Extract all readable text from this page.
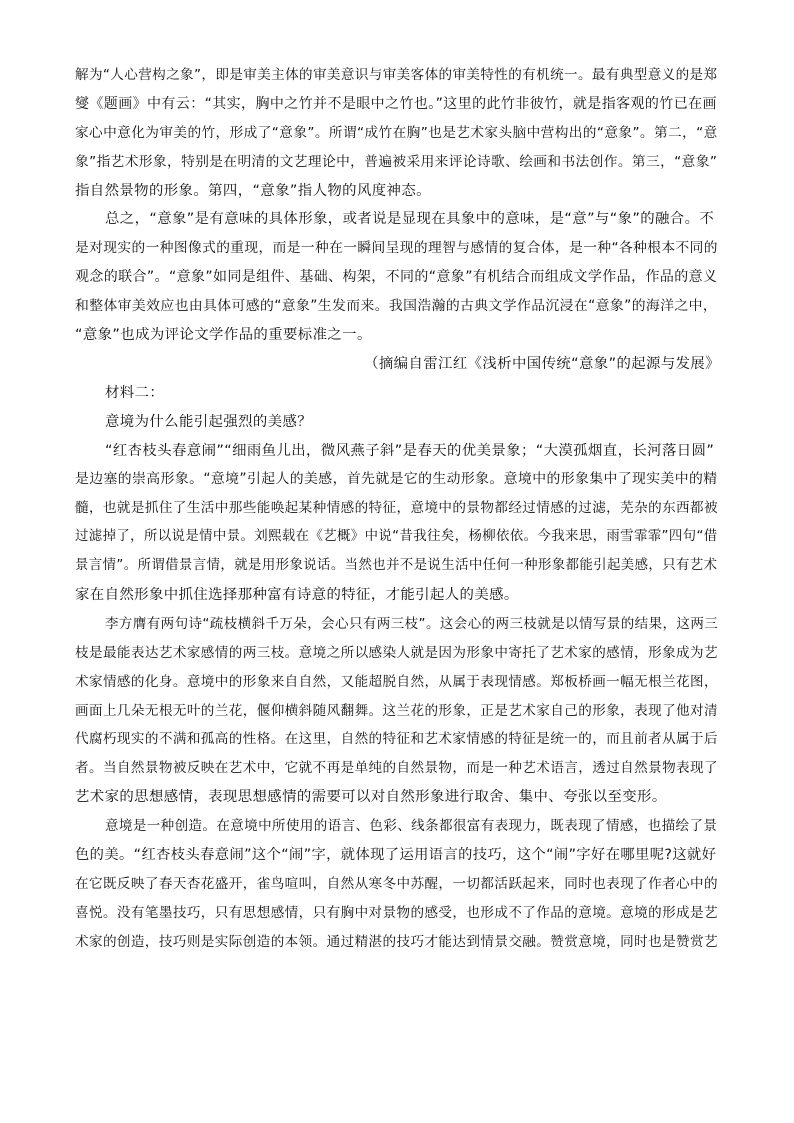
解为“人心营构之象”，即是审美主体的审美意识与审美客体的审美特性的有机统一。最有典型意义的是郑
燮《题画》中有云：“其实，胸中之竹并不是眼中之竹也。”这里的此竹非彼竹，就是指客观的竹已在画
家心中意化为审美的竹，形成了“意象”。所谓“成竹在胸”也是艺术家头脑中营构出的“意象”。第二，“意
象”指艺术形象，特别是在明清的文艺理论中，普遍被采用来评论诗歌、绘画和书法创作。第三，“意象”
指自然景物的形象。第四，“意象”指人物的风度神态。
总之，“意象”是有意味的具体形象，或者说是显现在具象中的意味，是“意”与“象”的融合。不
是对现实的一种图像式的重现，而是一种在一瞬间呈现的理智与感情的复合体，是一种“各种根本不同的
观念的联合”。“意象”如同是组件、基础、构架，不同的“意象”有机结合而组成文学作品，作品的意义
和整体审美效应也由具体可感的“意象”生发而来。我国浩瀚的古典文学作品沉浸在“意象”的海洋之中，
“意象”也成为评论文学作品的重要标准之一。
（摘编自雷江红《浅析中国传统“意象”的起源与发展》
材料二：
意境为什么能引起强烈的美感？
“红杏枝头春意闹”“细雨鱼儿出，微风燕子斜”是春天的优美景象；“大漠孤烟直，长河落日圆”
是边塞的崇高形象。“意境”引起人的美感，首先就是它的生动形象。意境中的形象集中了现实美中的精
髓，也就是抓住了生活中那些能唤起某种情感的特征，意境中的景物都经过情感的过滤，芜杂的东西都被
过滤掉了，所以说是情中景。刘熙载在《艺概》中说“昔我往矣，杨柳依依。今我来思，雨雪霏霏”四句“借
景言情”。所谓借景言情，就是用形象说话。当然也并不是说生活中任何一种形象都能引起美感，只有艺术
家在自然形象中抓住选择那种富有诗意的特征，才能引起人的美感。
李方膺有两句诗“疏枝横斜千万朵，会心只有两三枝”。这会心的两三枝就是以情写景的结果，这两三
枝是最能表达艺术家感情的两三枝。意境之所以感染人就是因为形象中寄托了艺术家的感情，形象成为艺
术家情感的化身。意境中的形象来自自然，又能超脱自然，从属于表现情感。郑板桥画一幅无根兰花图，
画面上几朵无根无叶的兰花，偃仰横斜随风翻舞。这兰花的形象，正是艺术家自己的形象，表现了他对清
代腐朽现实的不满和孤高的性格。在这里，自然的特征和艺术家情感的特征是统一的，而且前者从属于后
者。当自然景物被反映在艺术中，它就不再是单纯的自然景物，而是一种艺术语言，透过自然景物表现了
艺术家的思想感情，表现思想感情的需要可以对自然形象进行取舍、集中、夸张以至变形。
意境是一种创造。在意境中所使用的语言、色彩、线条都很富有表现力，既表现了情感，也描绘了景
色的美。“红杏枝头春意闹”这个“闹”字，就体现了运用语言的技巧，这个“闹”字好在哪里呢?这就好
在它既反映了春天杏花盛开，雀鸟喧叫，自然从寒冬中苏醒，一切都活跃起来，同时也表现了作者心中的
喜悦。没有笔墨技巧，只有思想感情，只有胸中对景物的感受，也形成不了作品的意境。意境的形成是艺
术家的创造，技巧则是实际创造的本领。通过精湛的技巧才能达到情景交融。赞赏意境，同时也是赞赏艺
